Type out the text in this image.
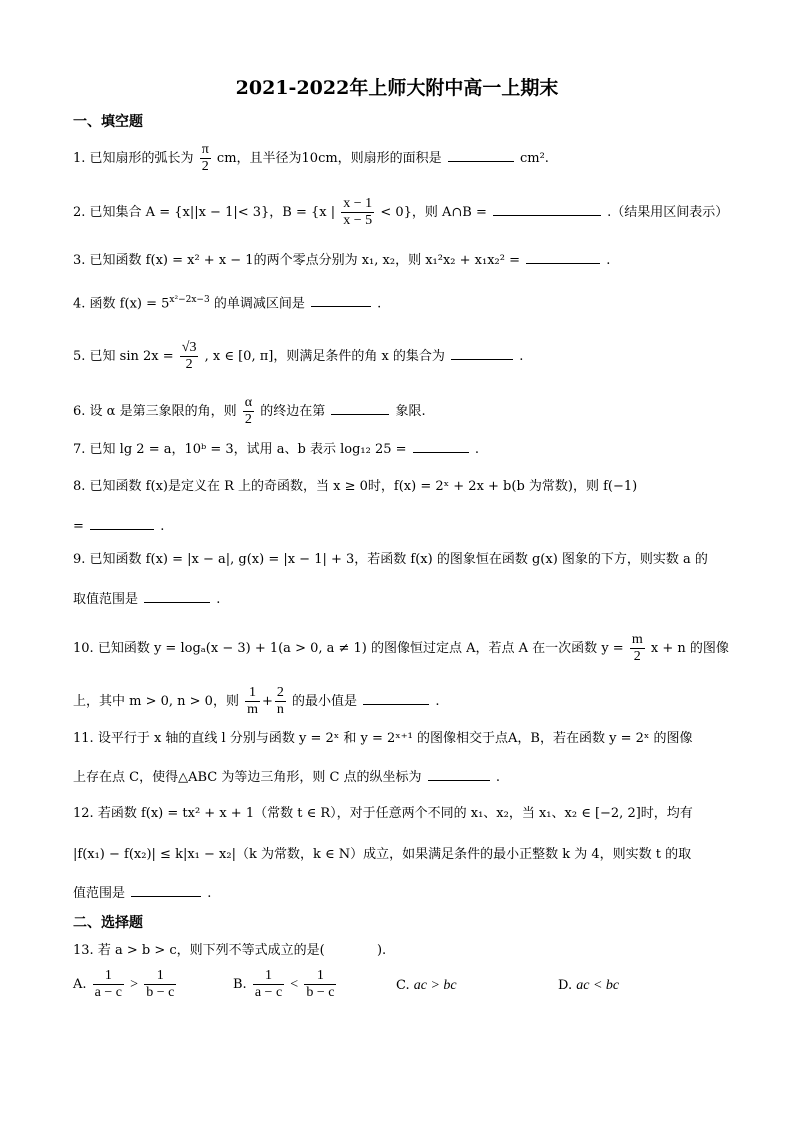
2021-2022年上师大附中高一上期末
一、填空题
1. 已知扇形的弧长为 $\frac{\pi}{2}$ cm，且半径为10cm，则扇形的面积是	cm².
2. 已知集合 A = {x||x − 1|< 3}，B = {x | $\frac{x - 1}{x - 5} < 0$}，则 A∩B =	.（结果用区间表示）
3. 已知函数 f(x) = x² + x − 1的两个零点分别为 x₁, x₂，则 x₁²x₂ + x₁x₂² =	.
4. 函数 $f(x) = 5^{x^2-2x-3}$ 的单调减区间是	.
5. 已知 $\sin 2x = \frac{√3}{2}$ , x ∈ [0, π]，则满足条件的角 x 的集合为	.
6. 设 α 是第三象限的角，则 $\frac{\alpha}{2}$ 的终边在第	象限.
7. 已知 lg 2 = a，10ᵇ = 3，试用 a、b 表示 log₁₂ 25 =	.
8. 已知函数 f(x)是定义在 R 上的奇函数，当 x ≥ 0时，f(x) = 2ˣ + 2x + b(b 为常数)，则 f(−1)
=	.
9. 已知函数 f(x) = |x − a|, g(x) = |x − 1| + 3，若函数 f(x) 的图象恒在函数 g(x) 图象的下方，则实数 a 的
取值范围是	.
10. 已知函数 y = logₐ(x − 3) + 1(a > 0, a ≠ 1) 的图像恒过定点 A，若点 A 在一次函数 $y = \frac{m}{2}$ x + n 的图像
上，其中 m > 0, n > 0，则 $\frac{1}{m} + \frac{2}{n}$ 的最小值是	.
11. 设平行于 x 轴的直线 l 分别与函数 y = 2ˣ 和 y = 2ˣ⁺¹ 的图像相交于点A，B，若在函数 y = 2ˣ 的图像
上存在点 C，使得△ABC 为等边三角形，则 C 点的纵坐标为	.
12. 若函数 f(x) = tx² + x + 1（常数 t ∈ R），对于任意两个不同的 x₁、x₂，当 x₁、x₂ ∈ [−2, 2]时，均有
|f(x₁) − f(x₂)| ≤ k|x₁ − x₂|（k 为常数，k ∈ N）成立，如果满足条件的最小正整数 k 为 4，则实数 t 的取
值范围是	.
二、选择题
13. 若 a > b > c，则下列不等式成立的是(	).
A. $\frac{1}{a - c} > \frac{1}{b - c}$	B. $\frac{1}{a - c} < \frac{1}{b - c}$	C. ac > bc	D. ac < bc
